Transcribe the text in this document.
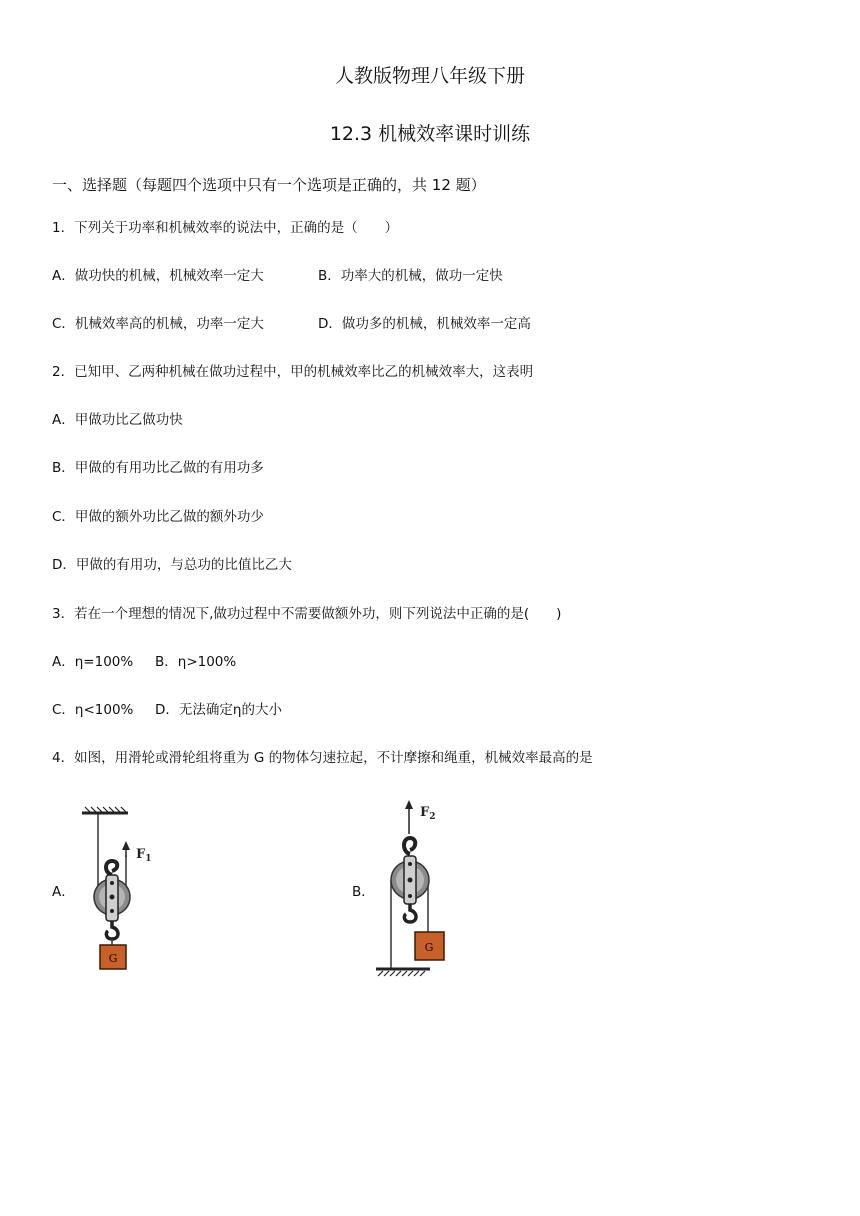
人教版物理八年级下册
12.3 机械效率课时训练
一、选择题（每题四个选项中只有一个选项是正确的，共 12 题）
1．下列关于功率和机械效率的说法中，正确的是（　　）
A．做功快的机械，机械效率一定大	B．功率大的机械，做功一定快
C．机械效率高的机械，功率一定大	D．做功多的机械，机械效率一定高
2．已知甲、乙两种机械在做功过程中，甲的机械效率比乙的机械效率大，这表明
A．甲做功比乙做功快
B．甲做的有用功比乙做的有用功多
C．甲做的额外功比乙做的额外功少
D．甲做的有用功，与总功的比值比乙大
3．若在一个理想的情况下,做功过程中不需要做额外功，则下列说法中正确的是(　　)
A．η=100% B．η>100%
C．η<100% D．无法确定η的大小
4．如图，用滑轮或滑轮组将重为 G 的物体匀速拉起，不计摩擦和绳重，机械效率最高的是
A．	B．
$F_1$
G
$F_2$
G
